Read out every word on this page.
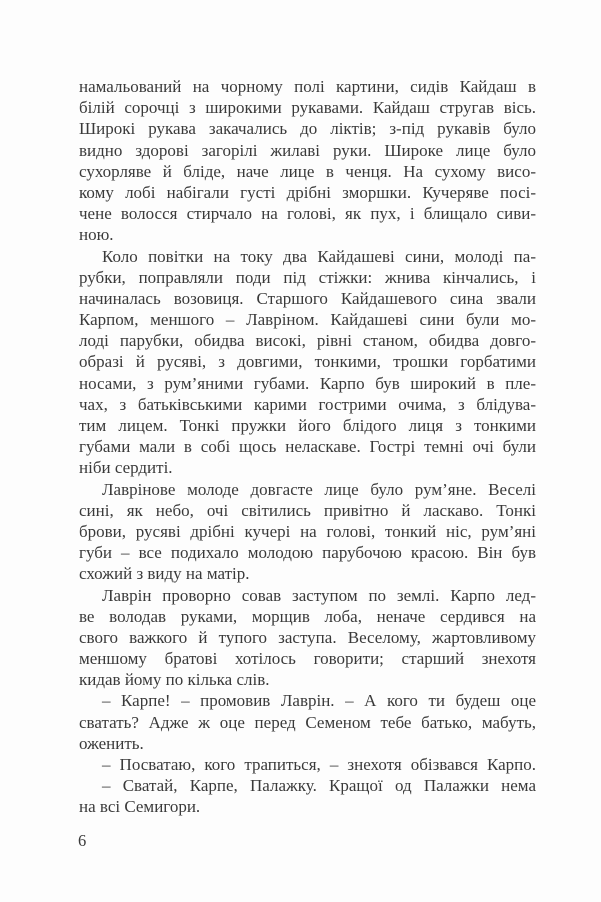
намальований на чорному полі картини, сидів Кайдаш в
білій сорочці з широкими рукавами. Кайдаш стругав вісь.
Широкі рукава закачались до ліктів; з-під рукавів було
видно здорові загорілі жилаві руки. Широке лице було
сухорляве й бліде, наче лице в ченця. На сухому висо-
кому лобі набігали густі дрібні зморшки. Кучеряве посі-
чене волосся стирчало на голові, як пух, і блищало сиви-
ною.
Коло повітки на току два Кайдашеві сини, молоді па-
рубки, поправляли поди під стіжки: жнива кінчались, і
начиналась возовиця. Старшого Кайдашевого сина звали
Карпом, меншого – Лавріном. Кайдашеві сини були мо-
лоді парубки, обидва високі, рівні станом, обидва довго-
образі й русяві, з довгими, тонкими, трошки горбатими
носами, з рум’яними губами. Карпо був широкий в пле-
чах, з батьківськими карими гострими очима, з блідува-
тим лицем. Тонкі пружки його блідого лиця з тонкими
губами мали в собі щось неласкаве. Гострі темні очі були
ніби сердиті.
Лаврінове молоде довгасте лице було рум’яне. Веселі
сині, як небо, очі світились привітно й ласкаво. Тонкі
брови, русяві дрібні кучері на голові, тонкий ніс, рум’яні
губи – все подихало молодою парубочою красою. Він був
схожий з виду на матір.
Лаврін проворно совав заступом по землі. Карпо лед-
ве володав руками, морщив лоба, неначе сердився на
свого важкого й тупого заступа. Веселому, жартовливому
меншому братові хотілось говорити; старший знехотя
кидав йому по кілька слів.
– Карпе! – промовив Лаврін. – А кого ти будеш оце
сватать? Адже ж оце перед Семеном тебе батько, мабуть,
оженить.
– Посватаю, кого трапиться, – знехотя обізвався Карпо.
– Сватай, Карпе, Палажку. Кращої од Палажки нема
на всі Семигори.
6
